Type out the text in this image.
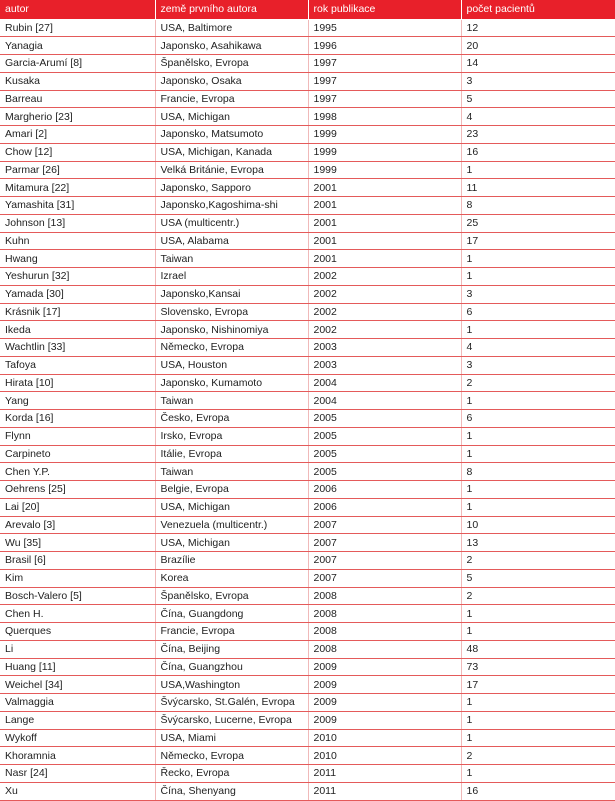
autor	země prvního autora	rok publikace	počet pacientů
Rubin [27]	USA, Baltimore	1995	12
Yanagia	Japonsko, Asahikawa	1996	20
Garcia-Arumí [8]	Španělsko, Evropa	1997	14
Kusaka	Japonsko, Osaka	1997	3
Barreau	Francie, Evropa	1997	5
Margherio [23]	USA, Michigan	1998	4
Amari [2]	Japonsko, Matsumoto	1999	23
Chow [12]	USA, Michigan, Kanada	1999	16
Parmar [26]	Velká Británie, Evropa	1999	1
Mitamura [22]	Japonsko, Sapporo	2001	11
Yamashita [31]	Japonsko,Kagoshima-shi	2001	8
Johnson [13]	USA (multicentr.)	2001	25
Kuhn	USA, Alabama	2001	17
Hwang	Taiwan	2001	1
Yeshurun [32]	Izrael	2002	1
Yamada [30]	Japonsko,Kansai	2002	3
Krásnik [17]	Slovensko, Evropa	2002	6
Ikeda	Japonsko, Nishinomiya	2002	1
Wachtlin [33]	Německo, Evropa	2003	4
Tafoya	USA, Houston	2003	3
Hirata [10]	Japonsko, Kumamoto	2004	2
Yang	Taiwan	2004	1
Korda [16]	Česko, Evropa	2005	6
Flynn	Irsko, Evropa	2005	1
Carpineto	Itálie, Evropa	2005	1
Chen Y.P.	Taiwan	2005	8
Oehrens [25]	Belgie, Evropa	2006	1
Lai [20]	USA, Michigan	2006	1
Arevalo [3]	Venezuela (multicentr.)	2007	10
Wu [35]	USA, Michigan	2007	13
Brasil [6]	Brazílie	2007	2
Kim	Korea	2007	5
Bosch-Valero [5]	Španělsko, Evropa	2008	2
Chen H.	Čína, Guangdong	2008	1
Querques	Francie, Evropa	2008	1
Li	Čína, Beijing	2008	48
Huang [11]	Čína, Guangzhou	2009	73
Weichel [34]	USA,Washington	2009	17
Valmaggia	Švýcarsko, St.Galén, Evropa	2009	1
Lange	Švýcarsko, Lucerne, Evropa	2009	1
Wykoff	USA, Miami	2010	1
Khoramnia	Německo, Evropa	2010	2
Nasr [24]	Řecko, Evropa	2011	1
Xu	Čína, Shenyang	2011	16
